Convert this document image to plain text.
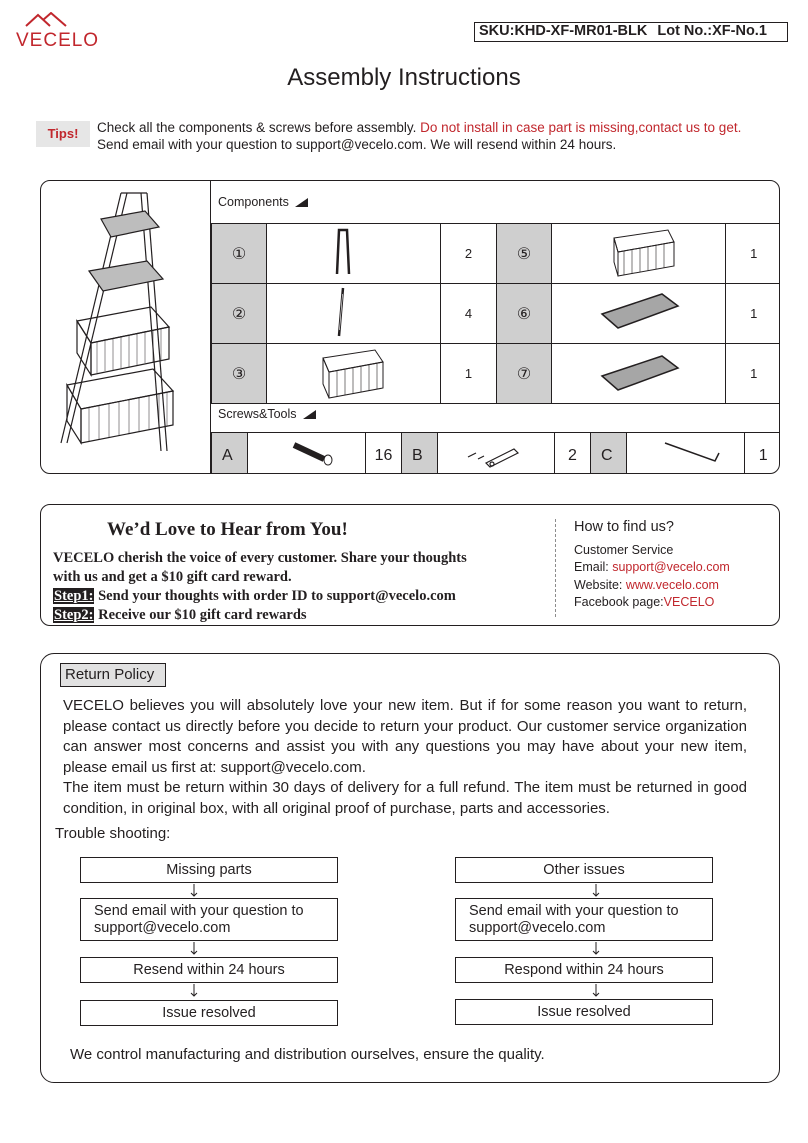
VECELO	SKU:KHD-XF-MR01-BLK Lot No.:XF-No.1
Assembly Instructions
Tips!	Check all the components & screws before assembly. Do not install in case part is missing,contact us to get.
Send email with your question to support@vecelo.com. We will resend within 24 hours.
Components
①		2	⑤		1
②		4	⑥		1
③		1	⑦		1
Screws&Tools
A		16	B		2	C		1
We’d Love to Hear from You!
VECELO cherish the voice of every customer. Share your thoughts
with us and get a $10 gift card reward.
Step1: Send your thoughts with order ID to support@vecelo.com
Step2: Receive our $10 gift card rewards
How to find us?
Customer Service
Email: support@vecelo.com
Website: www.vecelo.com
Facebook page:VECELO
Return Policy

VECELO believes you will absolutely love your new item. But if for some reason you want to return, please contact us directly before you decide to return your product. Our customer service organization can answer most concerns and assist you with any questions you may have about your new item, please email us first at: support@vecelo.com.

The item must be return within 30 days of delivery for a full refund. The item must be returned in good condition, in original box, with all original proof of purchase, parts and accessories.

Trouble shooting:
Missing parts
Send email with your question to support@vecelo.com
Resend within 24 hours
Issue resolved
Other issues
Send email with your question to support@vecelo.com
Respond within 24 hours
Issue resolved
We control manufacturing and distribution ourselves, ensure the quality.
